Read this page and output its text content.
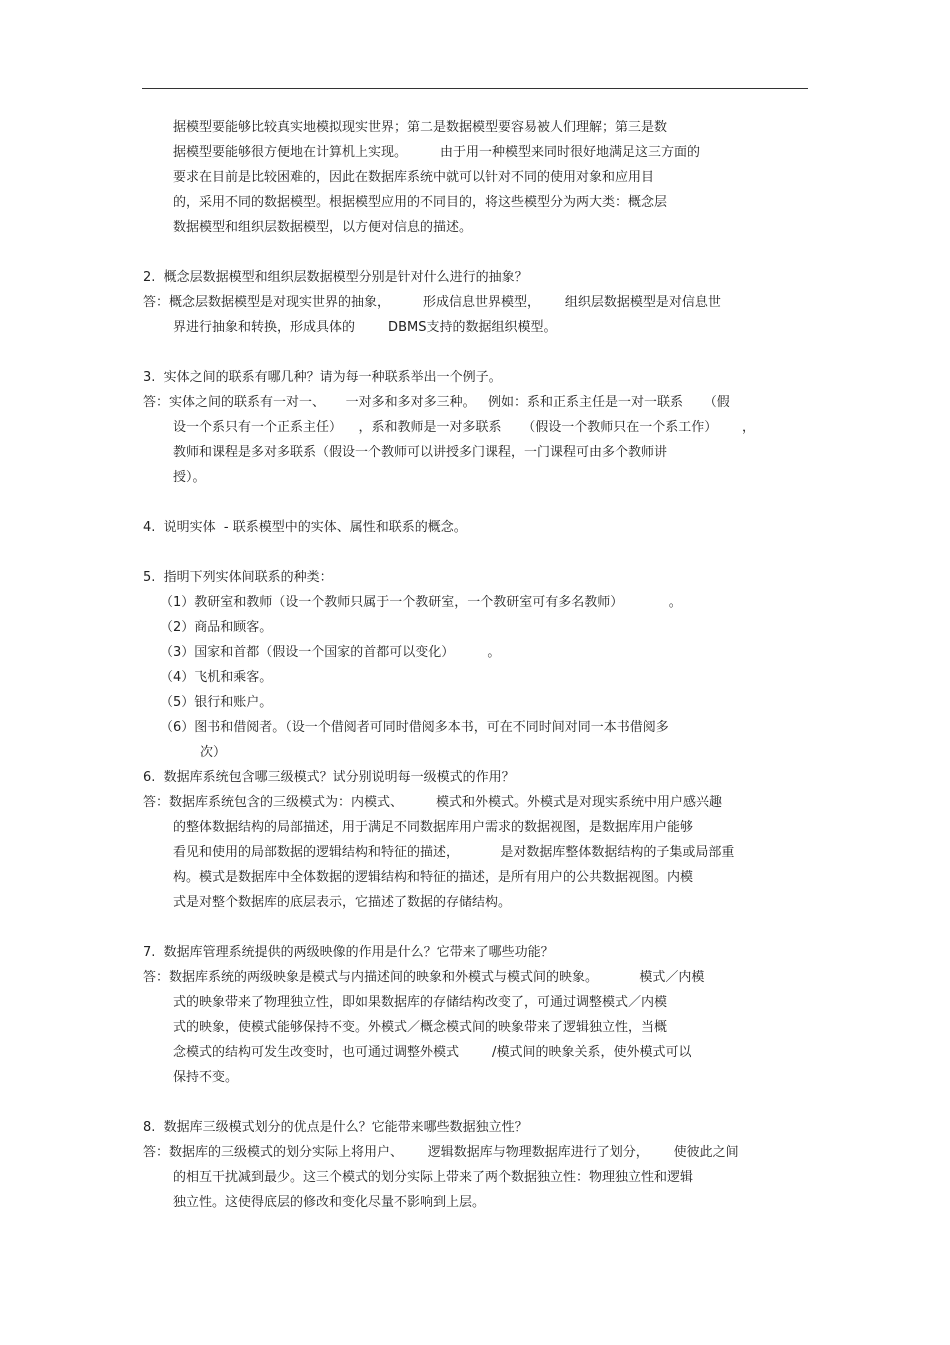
据模型要能够比较真实地模拟现实世界；第二是数据模型要容易被人们理解；第三是数
据模型要能够很方便地在计算机上实现。        由于用一种模型来同时很好地满足这三方面的
要求在目前是比较困难的，因此在数据库系统中就可以针对不同的使用对象和应用目
的，采用不同的数据模型。根据模型应用的不同目的，将这些模型分为两大类：概念层
数据模型和组织层数据模型，以方便对信息的描述。
2.  概念层数据模型和组织层数据模型分别是针对什么进行的抽象？
答：概念层数据模型是对现实世界的抽象，        形成信息世界模型，      组织层数据模型是对信息世
界进行抽象和转换，形成具体的        DBMS支持的数据组织模型。
3.  实体之间的联系有哪几种？请为每一种联系举出一个例子。
答：实体之间的联系有一对一、     一对多和多对多三种。   例如：系和正系主任是一对一联系     （假
设一个系只有一个正系主任）    ，系和教师是一对多联系     （假设一个教师只在一个系工作）      ，
教师和课程是多对多联系（假设一个教师可以讲授多门课程，一门课程可由多个教师讲
授）。
4.  说明实体  - 联系模型中的实体、属性和联系的概念。
5.  指明下列实体间联系的种类：
（1）教研室和教师（设一个教师只属于一个教研室，一个教研室可有多名教师）           。
（2）商品和顾客。
（3）国家和首都（假设一个国家的首都可以变化）        。
（4）飞机和乘客。
（5）银行和账户。
（6）图书和借阅者。（设一个借阅者可同时借阅多本书，可在不同时间对同一本书借阅多
次）
6.  数据库系统包含哪三级模式？试分别说明每一级模式的作用？
答：数据库系统包含的三级模式为：内模式、        模式和外模式。外模式是对现实系统中用户感兴趣
的整体数据结构的局部描述，用于满足不同数据库用户需求的数据视图，是数据库用户能够
看见和使用的局部数据的逻辑结构和特征的描述，          是对数据库整体数据结构的子集或局部重
构。模式是数据库中全体数据的逻辑结构和特征的描述，是所有用户的公共数据视图。内模
式是对整个数据库的底层表示，它描述了数据的存储结构。
7.  数据库管理系统提供的两级映像的作用是什么？它带来了哪些功能？
答：数据库系统的两级映象是模式与内描述间的映象和外模式与模式间的映象。          模式／内模
式的映象带来了物理独立性，即如果数据库的存储结构改变了，可通过调整模式／内模
式的映象，使模式能够保持不变。外模式／概念模式间的映象带来了逻辑独立性，当概
念模式的结构可发生改变时，也可通过调整外模式        /模式间的映象关系，使外模式可以
保持不变。
8.  数据库三级模式划分的优点是什么？它能带来哪些数据独立性？
答：数据库的三级模式的划分实际上将用户、      逻辑数据库与物理数据库进行了划分，      使彼此之间
的相互干扰减到最少。这三个模式的划分实际上带来了两个数据独立性：物理独立性和逻辑
独立性。这使得底层的修改和变化尽量不影响到上层。
